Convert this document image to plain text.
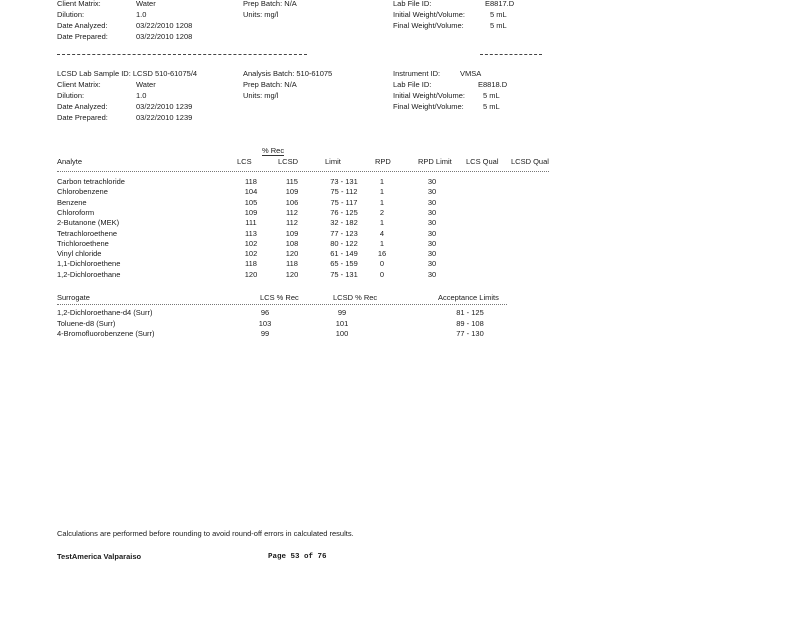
Client Matrix:	Water
Dilution:	1.0
Date Analyzed:	03/22/2010 1208
Date Prepared:	03/22/2010 1208
Prep Batch: N/A
Units: mg/l
Lab File ID:	E8817.D
Initial Weight/Volume:	5 mL
Final Weight/Volume:	5 mL
LCSD Lab Sample ID: LCSD 510-61075/4
Client Matrix:	Water
Dilution:	1.0
Date Analyzed:	03/22/2010 1239
Date Prepared:	03/22/2010 1239
Analysis Batch: 510-61075
Prep Batch: N/A
Units: mg/l
Instrument ID:	VMSA
Lab File ID:	E8818.D
Initial Weight/Volume: 5 mL
Final Weight/Volume:	5 mL
% Rec
Analyte	LCS	LCSD	Limit	RPD	RPD Limit LCS Qual LCSD Qual
Carbon tetrachloride	118	115	73 - 131	1	30
Chlorobenzene	104	109	75 - 112	1	30
Benzene	105	106	75 - 117	1	30
Chloroform	109	112	76 - 125	2	30
2-Butanone (MEK)	111	112	32 - 182	1	30
Tetrachloroethene	113	109	77 - 123	4	30
Trichloroethene	102	108	80 - 122	1	30
Vinyl chloride	102	120	61 - 149	16	30
1,1-Dichloroethene	118	118	65 - 159	0	30
1,2-Dichloroethane	120	120	75 - 131	0	30
Surrogate	LCS % Rec	LCSD % Rec	Acceptance Limits
1,2-Dichloroethane-d4 (Surr)	96	99	81 - 125
Toluene-d8 (Surr)	103	101	89 - 108
4-Bromofluorobenzene (Surr)	99	100	77 - 130
Calculations are performed before rounding to avoid round-off errors in calculated results.
TestAmerica Valparaiso	Page 53 of 76
